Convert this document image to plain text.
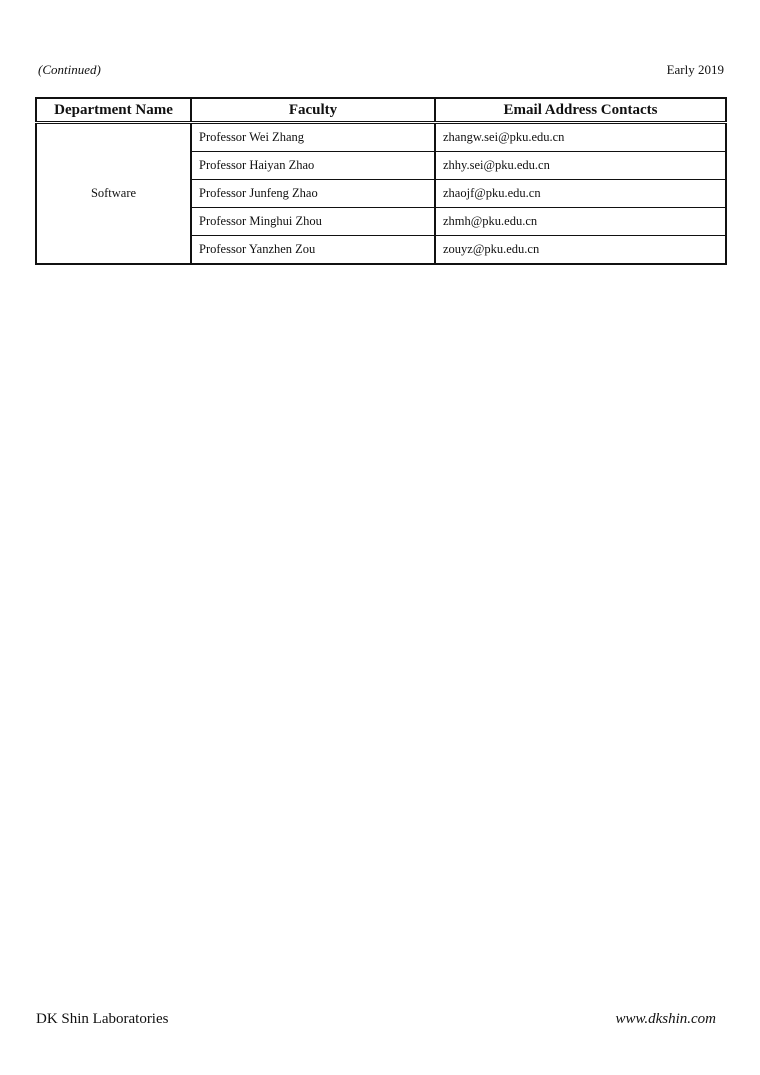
(Continued)	Early 2019
Department Name	Faculty	Email Address Contacts
Software	Professor Wei Zhang	zhangw.sei@pku.edu.cn
	Professor Haiyan Zhao	zhhy.sei@pku.edu.cn
	Professor Junfeng Zhao	zhaojf@pku.edu.cn
	Professor Minghui Zhou	zhmh@pku.edu.cn
	Professor Yanzhen Zou	zouyz@pku.edu.cn
DK Shin Laboratories	www.dkshin.com
